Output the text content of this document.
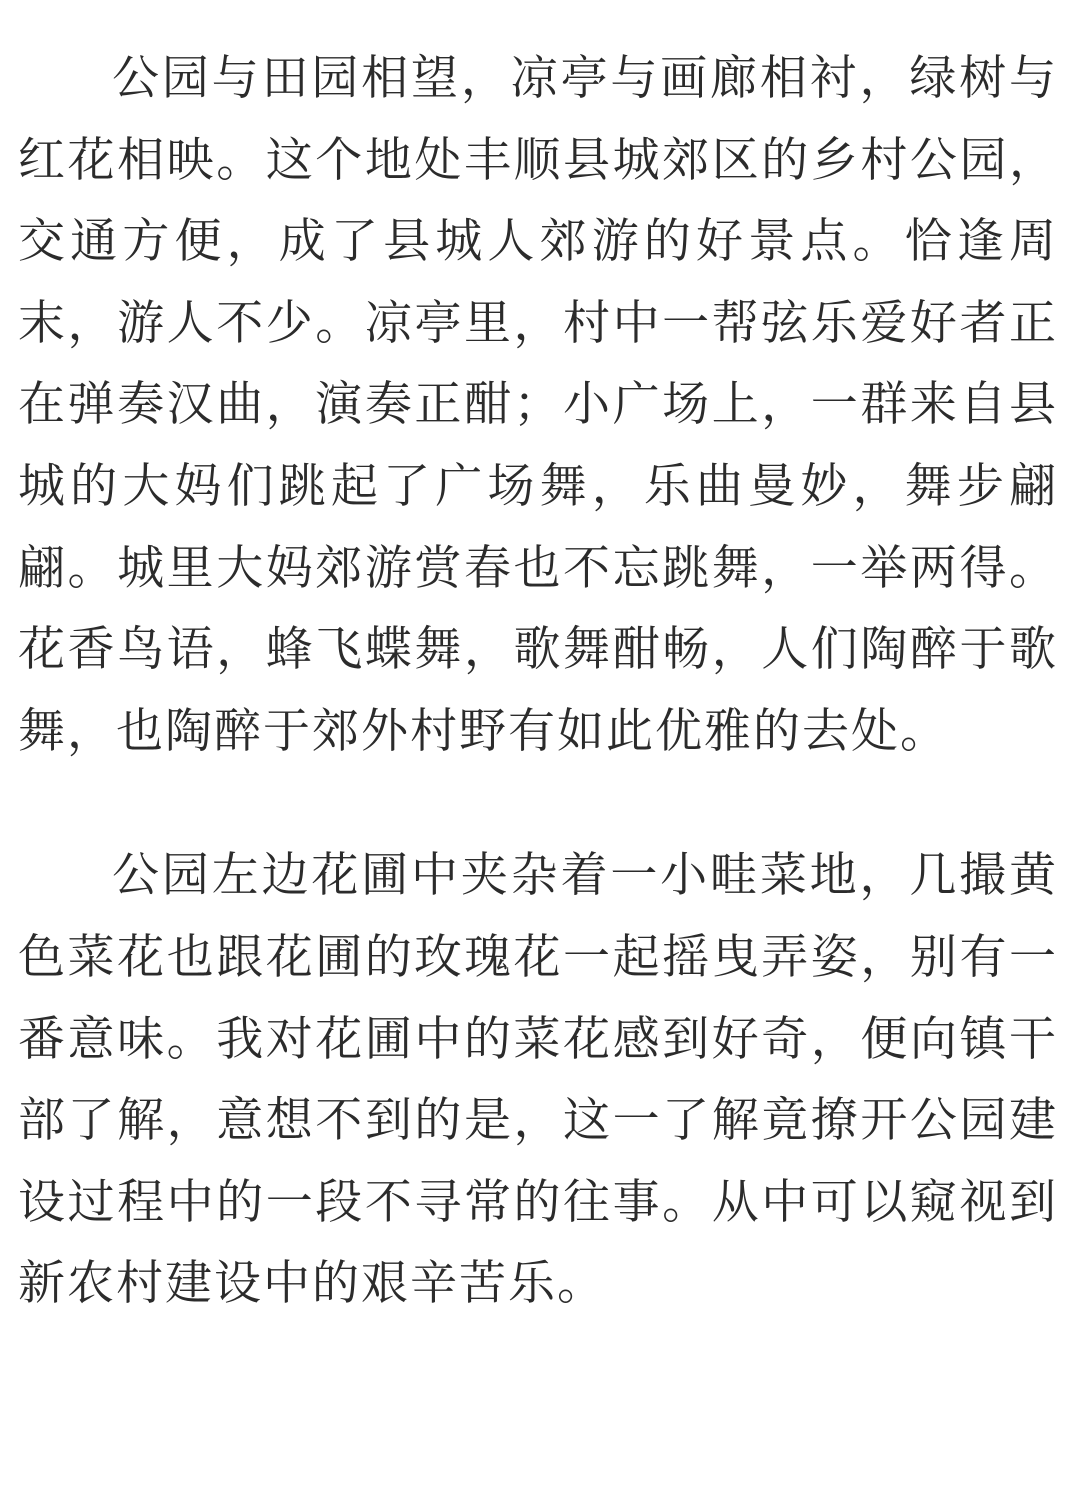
公园与田园相望，凉亭与画廊相衬，绿树与红花相映。这个地处丰顺县城郊区的乡村公园，交通方便，成了县城人郊游的好景点。恰逢周末，游人不少。凉亭里，村中一帮弦乐爱好者正在弹奏汉曲，演奏正酣；小广场上，一群来自县城的大妈们跳起了广场舞，乐曲曼妙，舞步翩翩。城里大妈郊游赏春也不忘跳舞，一举两得。花香鸟语，蜂飞蝶舞，歌舞酣畅，人们陶醉于歌舞，也陶醉于郊外村野有如此优雅的去处。

公园左边花圃中夹杂着一小畦菜地，几撮黄色菜花也跟花圃的玫瑰花一起摇曳弄姿，别有一番意味。我对花圃中的菜花感到好奇，便向镇干部了解，意想不到的是，这一了解竟撩开公园建设过程中的一段不寻常的往事。从中可以窥视到新农村建设中的艰辛苦乐。
